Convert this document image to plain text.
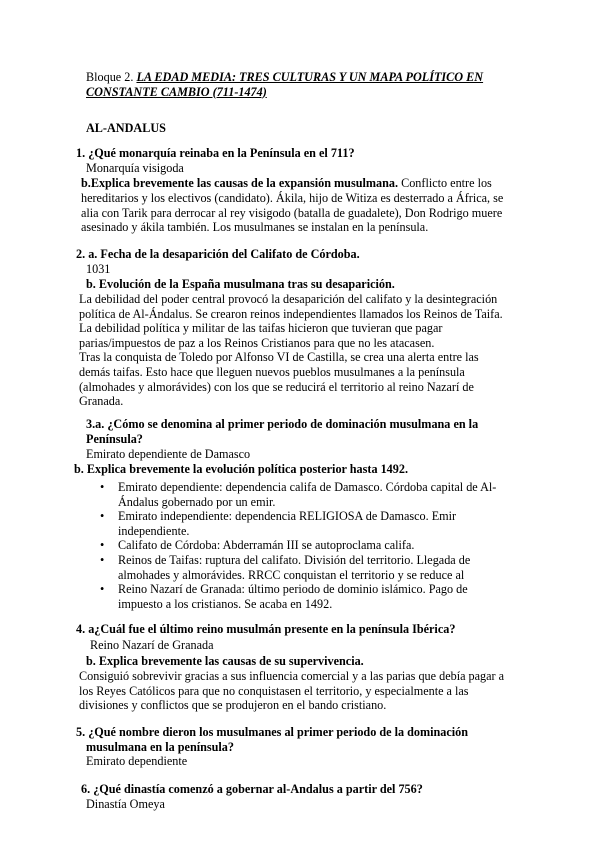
Bloque 2. LA EDAD MEDIA: TRES CULTURAS Y UN MAPA POLÍTICO EN
CONSTANTE CAMBIO (711-1474)

AL-ANDALUS

1. ¿Qué monarquía reinaba en la Península en el 711?

Monarquía visigoda

b.Explica brevemente las causas de la expansión musulmana. Conflicto entre los

hereditarios y los electivos (candidato). Ákila, hijo de Witiza es desterrado a África, se
alia con Tarik para derrocar al rey visigodo (batalla de guadalete), Don Rodrigo muere
asesinado y ákila también. Los musulmanes se instalan en la península.

2. a. Fecha de la desaparición del Califato de Córdoba.

1031

b. Evolución de la España musulmana tras su desaparición.

La debilidad del poder central provocó la desaparición del califato y la desintegración
política de Al-Ándalus. Se crearon reinos independientes llamados los Reinos de Taifa.
La debilidad política y militar de las taifas hicieron que tuvieran que pagar
parias/impuestos de paz a los Reinos Cristianos para que no les atacasen.
Tras la conquista de Toledo por Alfonso VI de Castilla, se crea una alerta entre las
demás taifas. Esto hace que lleguen nuevos pueblos musulmanes a la península
(almohades y almorávides) con los que se reducirá el territorio al reino Nazarí de
Granada.

3.a. ¿Cómo se denomina al primer periodo de dominación musulmana en la
Península?

Emirato dependiente de Damasco

b. Explica brevemente la evolución política posterior hasta 1492.

• Emirato dependiente: dependencia califa de Damasco. Córdoba capital de Al-Ándalus gobernado por un emir.
• Emirato independiente: dependencia RELIGIOSA de Damasco. Emir independiente.
• Califato de Córdoba: Abderramán III se autoproclama califa.
• Reinos de Taifas: ruptura del califato. División del territorio. Llegada de almohades y almorávides. RRCC conquistan el territorio y se reduce al
• Reino Nazarí de Granada: último periodo de dominio islámico. Pago de impuesto a los cristianos. Se acaba en 1492.

4. a¿Cuál fue el último reino musulmán presente en la península Ibérica?

Reino Nazarí de Granada

b. Explica brevemente las causas de su supervivencia.

Consiguió sobrevivir gracias a sus influencia comercial y a las parias que debía pagar a
los Reyes Católicos para que no conquistasen el territorio, y especialmente a las
divisiones y conflictos que se produjeron en el bando cristiano.

5. ¿Qué nombre dieron los musulmanes al primer periodo de la dominación
musulmana en la península?

Emirato dependiente

6. ¿Qué dinastía comenzó a gobernar al-Andalus a partir del 756?

Dinastía Omeya
